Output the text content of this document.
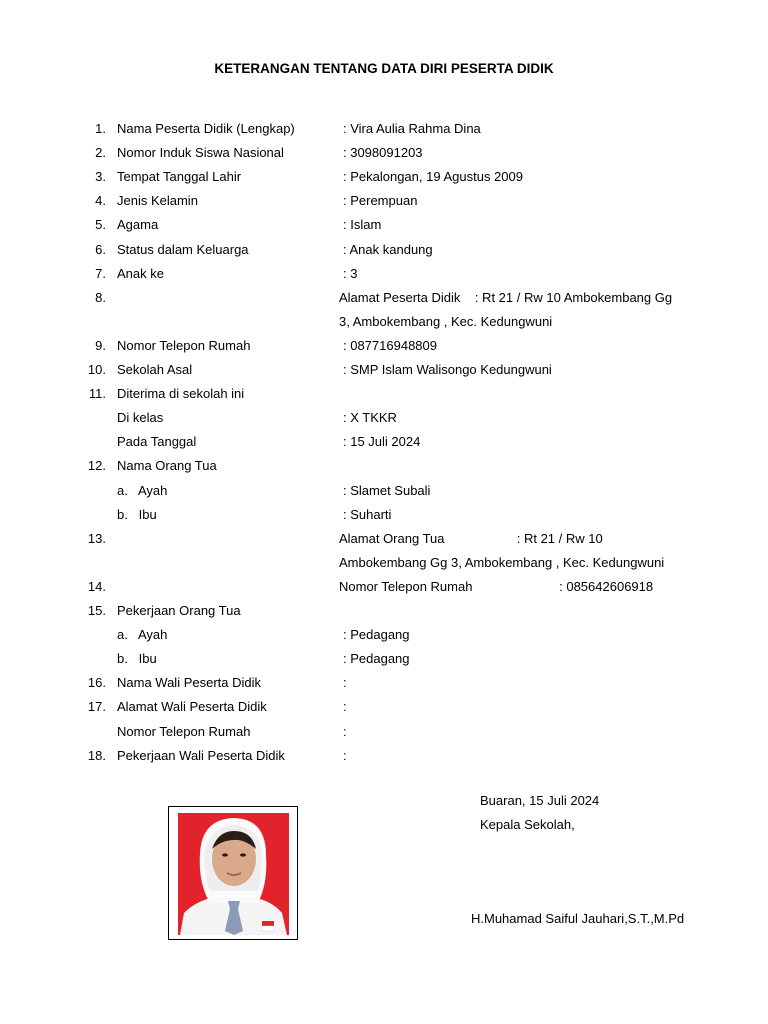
KETERANGAN TENTANG DATA DIRI PESERTA DIDIK
1. Nama Peserta Didik (Lengkap)	: Vira Aulia Rahma Dina
2. Nomor Induk Siswa Nasional	: 3098091203
3. Tempat Tanggal Lahir	: Pekalongan, 19 Agustus 2009
4. Jenis Kelamin	: Perempuan
5. Agama	: Islam
6. Status dalam Keluarga	: Anak kandung
7. Anak ke	: 3
8.	Alamat Peserta Didik    : Rt 21 / Rw 10 Ambokembang Gg
3, Ambokembang , Kec. Kedungwuni
9. Nomor Telepon Rumah	: 087716948809
10. Sekolah Asal	: SMP Islam Walisongo Kedungwuni
11. Diterima di sekolah ini
Di kelas	: X TKKR
Pada Tanggal	: 15 Juli 2024
12. Nama Orang Tua
a.   Ayah	: Slamet Subali
b.   Ibu	: Suharti
13.	Alamat Orang Tua                    : Rt 21 / Rw 10
Ambokembang Gg 3, Ambokembang , Kec. Kedungwuni
14.	Nomor Telepon Rumah                        : 085642606918
15. Pekerjaan Orang Tua
a.   Ayah	: Pedagang
b.   Ibu	: Pedagang
16. Nama Wali Peserta Didik	:
17. Alamat Wali Peserta Didik	:
Nomor Telepon Rumah	:
18. Pekerjaan Wali Peserta Didik	:
Buaran, 15 Juli 2024
Kepala Sekolah,
H.Muhamad Saiful Jauhari,S.T.,M.Pd
